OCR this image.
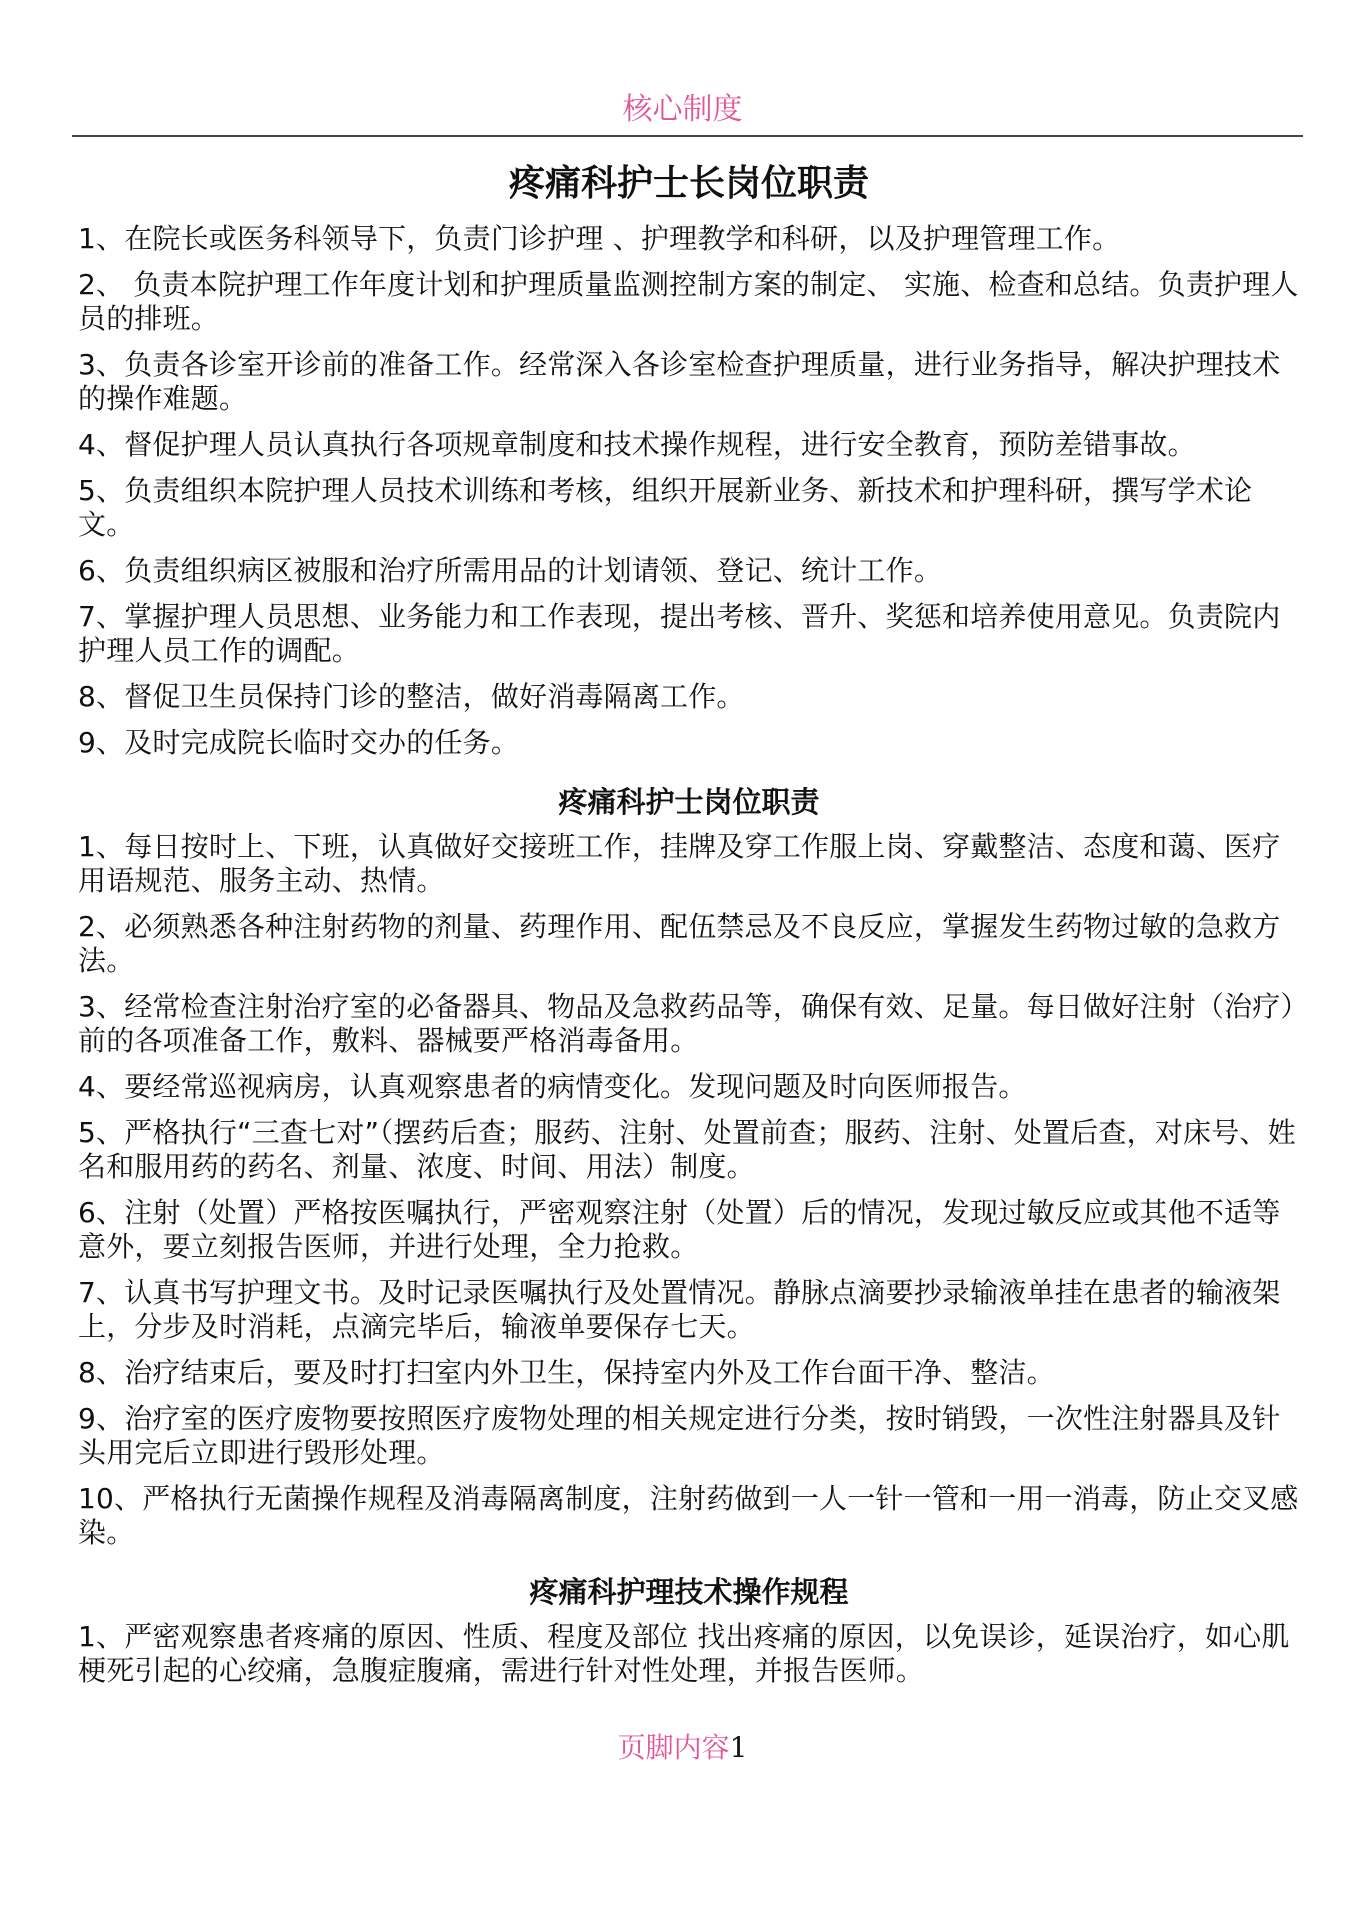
核心制度
疼痛科护士长岗位职责

1、在院长或医务科领导下，负责门诊护理 、护理教学和科研，以及护理管理工作。

2、 负责本院护理工作年度计划和护理质量监测控制方案的制定、 实施、检查和总结。负责护理人员的排班。

3、负责各诊室开诊前的准备工作。经常深入各诊室检查护理质量，进行业务指导，解决护理技术的操作难题。

4、督促护理人员认真执行各项规章制度和技术操作规程，进行安全教育，预防差错事故。

5、负责组织本院护理人员技术训练和考核，组织开展新业务、新技术和护理科研，撰写学术论文。

6、负责组织病区被服和治疗所需用品的计划请领、登记、统计工作。

7、掌握护理人员思想、业务能力和工作表现，提出考核、晋升、奖惩和培养使用意见。负责院内护理人员工作的调配。

8、督促卫生员保持门诊的整洁，做好消毒隔离工作。

9、及时完成院长临时交办的任务。

疼痛科护士岗位职责

1、每日按时上、下班，认真做好交接班工作，挂牌及穿工作服上岗、穿戴整洁、态度和蔼、医疗用语规范、服务主动、热情。

2、必须熟悉各种注射药物的剂量、药理作用、配伍禁忌及不良反应，掌握发生药物过敏的急救方法。

3、经常检查注射治疗室的必备器具、物品及急救药品等，确保有效、足量。每日做好注射（治疗）前的各项准备工作，敷料、器械要严格消毒备用。

4、要经常巡视病房，认真观察患者的病情变化。发现问题及时向医师报告。

5、严格执行“三查七对”（摆药后查；服药、注射、处置前查；服药、注射、处置后查，对床号、姓名和服用药的药名、剂量、浓度、时间、用法）制度。

6、注射（处置）严格按医嘱执行，严密观察注射（处置）后的情况，发现过敏反应或其他不适等意外，要立刻报告医师，并进行处理，全力抢救。

7、认真书写护理文书。及时记录医嘱执行及处置情况。静脉点滴要抄录输液单挂在患者的输液架上，分步及时消耗，点滴完毕后，输液单要保存七天。

8、治疗结束后，要及时打扫室内外卫生，保持室内外及工作台面干净、整洁。

9、治疗室的医疗废物要按照医疗废物处理的相关规定进行分类，按时销毁，一次性注射器具及针头用完后立即进行毁形处理。

10、严格执行无菌操作规程及消毒隔离制度，注射药做到一人一针一管和一用一消毒，防止交叉感染。

疼痛科护理技术操作规程

1、严密观察患者疼痛的原因、性质、程度及部位 找出疼痛的原因，以免误诊，延误治疗，如心肌梗死引起的心绞痛，急腹症腹痛，需进行针对性处理，并报告医师。

页脚内容1
